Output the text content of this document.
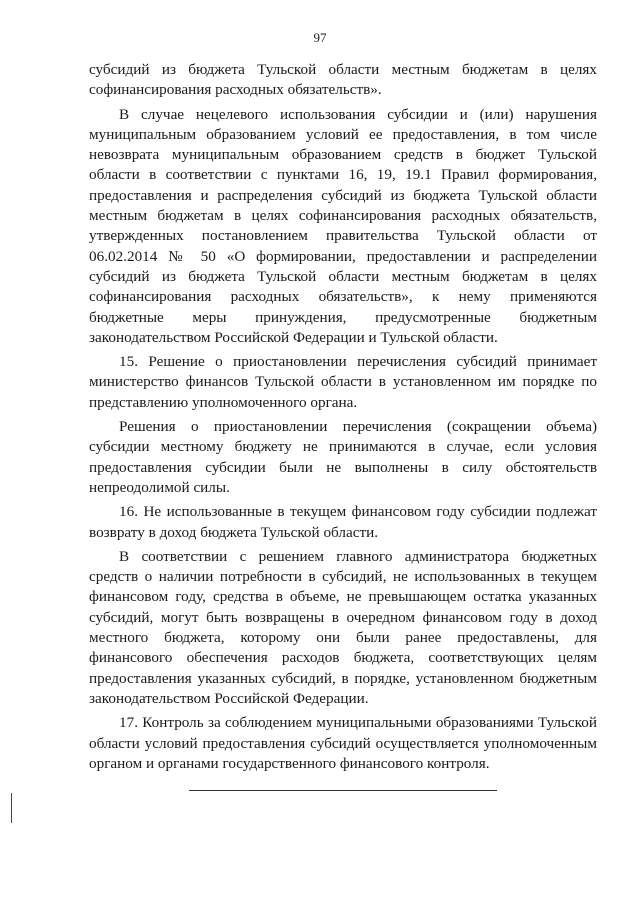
97

субсидий из бюджета Тульской области местным бюджетам в целях софинансирования расходных обязательств».

В случае нецелевого использования субсидии и (или) нарушения муниципальным образованием условий ее предоставления, в том числе невозврата муниципальным образованием средств в бюджет Тульской области в соответствии с пунктами 16, 19, 19.1 Правил формирования, предоставления и распределения субсидий из бюджета Тульской области местным бюджетам в целях софинансирования расходных обязательств, утвержденных постановлением правительства Тульской области от 06.02.2014 № 50 «О формировании, предоставлении и распределении субсидий из бюджета Тульской области местным бюджетам в целях софинансирования расходных обязательств», к нему применяются бюджетные меры принуждения, предусмотренные бюджетным законодательством Российской Федерации и Тульской области.

15. Решение о приостановлении перечисления субсидий принимает министерство финансов Тульской области в установленном им порядке по представлению уполномоченного органа.

Решения о приостановлении перечисления (сокращении объема) субсидии местному бюджету не принимаются в случае, если условия предоставления субсидии были не выполнены в силу обстоятельств непреодолимой силы.

16. Не использованные в текущем финансовом году субсидии подлежат возврату в доход бюджета Тульской области.

В соответствии с решением главного администратора бюджетных средств о наличии потребности в субсидий, не использованных в текущем финансовом году, средства в объеме, не превышающем остатка указанных субсидий, могут быть возвращены в очередном финансовом году в доход местного бюджета, которому они были ранее предоставлены, для финансового обеспечения расходов бюджета, соответствующих целям предоставления указанных субсидий, в порядке, установленном бюджетным законодательством Российской Федерации.

17. Контроль за соблюдением муниципальными образованиями Тульской области условий предоставления субсидий осуществляется уполномоченным органом и органами государственного финансового контроля.
